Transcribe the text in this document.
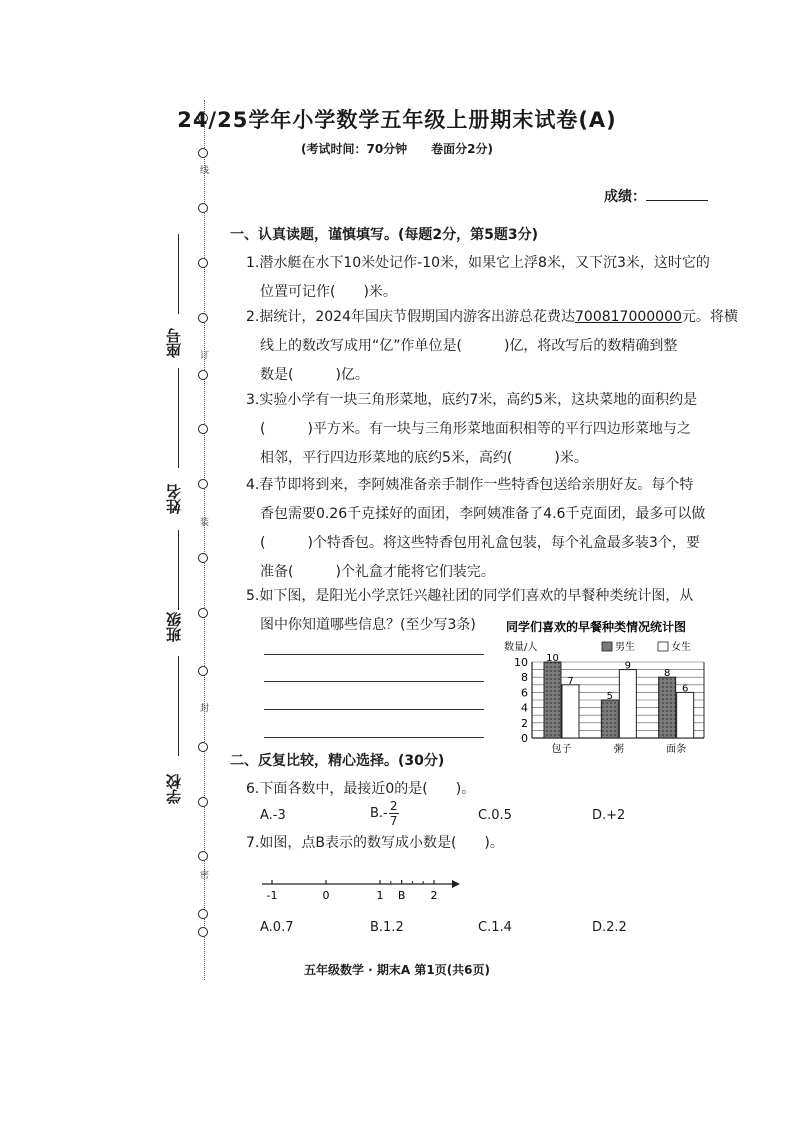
线
订
装
封
密
座号
姓名
班级
学校
24/25学年小学数学五年级上册期末试卷(A)
(考试时间：70分钟　　卷面分2分)
成绩：
一、认真读题，谨慎填写。(每题2分，第5题3分)
1.潜水艇在水下10米处记作-10米，如果它上浮8米，又下沉3米，这时它的
位置可记作(　　)米。
2.据统计，2024年国庆节假期国内游客出游总花费达700817000000元。将横
线上的数改写成用“亿”作单位是(　　　)亿，将改写后的数精确到整
数是(　　　)亿。
3.实验小学有一块三角形菜地，底约7米，高约5米，这块菜地的面积约是
(　　　)平方米。有一块与三角形菜地面积相等的平行四边形菜地与之
相邻，平行四边形菜地的底约5米，高约(　　　)米。
4.春节即将到来，李阿姨准备亲手制作一些特香包送给亲朋好友。每个特
香包需要0.26千克揉好的面团，李阿姨准备了4.6千克面团，最多可以做
(　　　)个特香包。将这些特香包用礼盒包装，每个礼盒最多装3个，要
准备(　　　)个礼盒才能将它们装完。
5.如下图，是阳光小学烹饪兴趣社团的同学们喜欢的早餐种类统计图，从
图中你知道哪些信息？(至少写3条)	同学们喜欢的早餐种类情况统计图
数量/人	男生	女生
0
2
4
6
8
10 10
7
包子
5
9
粥
8
6
面条
二、反复比较，精心选择。(30分)
6.下面各数中，最接近0的是(　　)。
A.-3	B.- 2
7	C.0.5	D.+2
7.如图，点B表示的数写成小数是(　　)。
-1	0	1 B 2
A.0.7	B.1.2	C.1.4	D.2.2
五年级数学 · 期末A 第1页(共6页)
